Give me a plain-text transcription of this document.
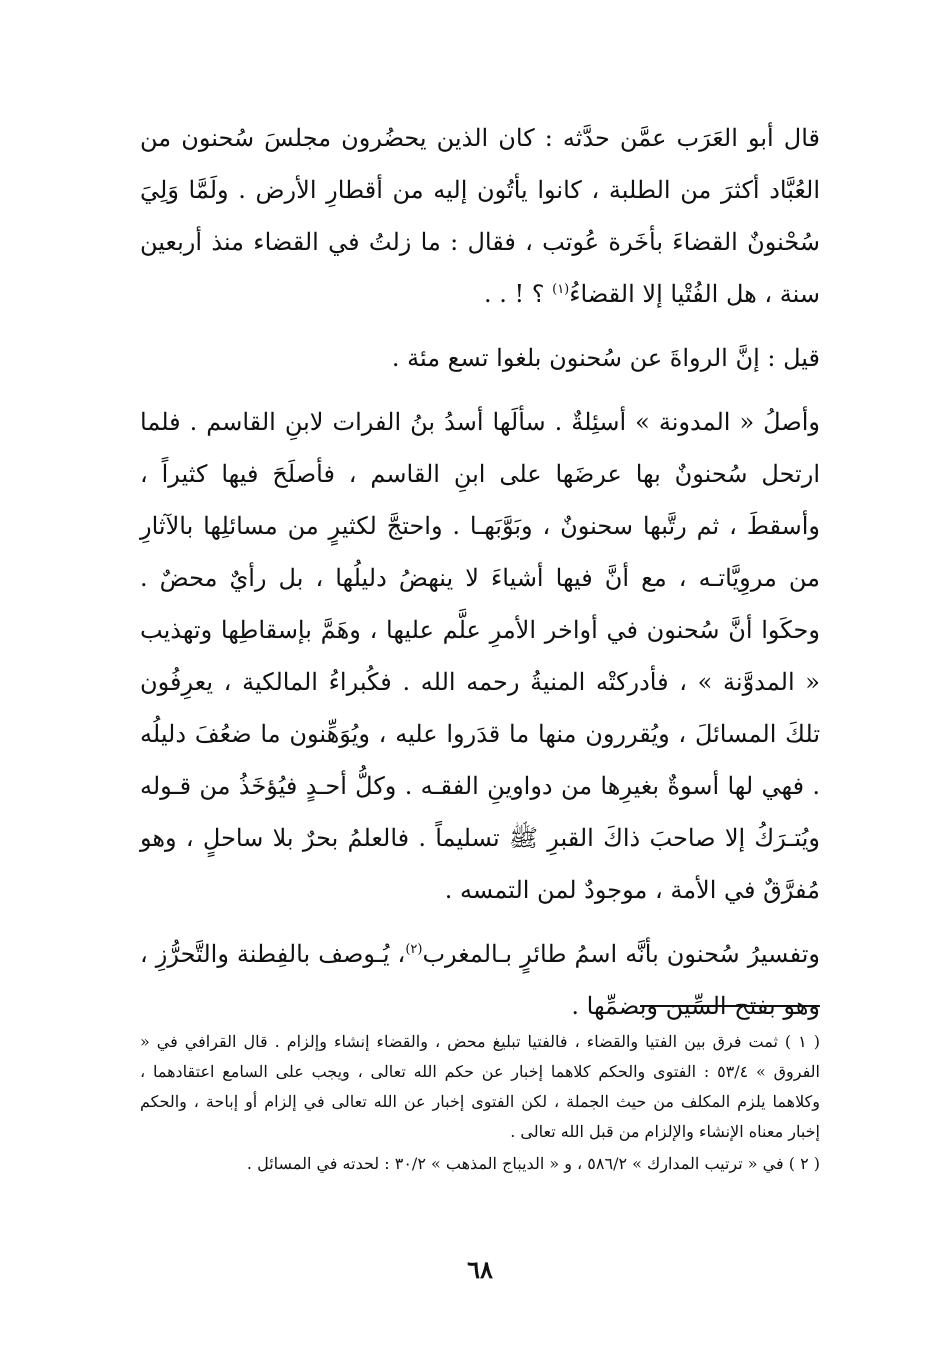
قال أبو العَرَب عمَّن حدَّثه : كان الذين يحضُرون مجلسَ سُحنون من العُبَّاد أكثرَ من الطلبة ، كانوا يأتُون إليه من أقطارِ الأرض . ولَمَّا وَلِيَ سُحْنونٌ القضاءَ بأخَرة عُوتب ، فقال : ما زلتُ في القضاء منذ أربعين سنة ، هل الفُتْيا إلا القضاءُ$^{(١)}$ ؟ ! . .

قيل : إنَّ الرواةَ عن سُحنون بلغوا تسع مئة .

وأصلُ « المدونة » أسئِلةٌ . سألَها أسدُ بنُ الفرات لابنِ القاسم . فلما ارتحل سُحنونٌ بها عرضَها على ابنِ القاسم ، فأصلَحَ فيها كثيراً ، وأسقطَ ، ثم رتَّبها سحنونٌ ، وبَوَّبَهـا . واحتجَّ لكثيرٍ من مسائلِها بالآثارِ من مروِيَّاتـه ، مع أنَّ فيها أشياءَ لا ينهضُ دليلُها ، بل رأيٌ محضٌ . وحكَوا أنَّ سُحنون في أواخر الأمرِ علَّم عليها ، وهَمَّ بإسقاطِها وتهذيب « المدوَّنة » ، فأدركتْه المنيةُ رحمه الله . فكُبراءُ المالكية ، يعرِفُون تلكَ المسائلَ ، ويُقررون منها ما قدَروا عليه ، ويُوَهِّنون ما ضعُفَ دليلُه . فهي لها أسوةٌ بغيرِها من دواوينِ الفقـه . وكلُّ أحـدٍ فيُؤخَذُ من قـوله ويُتـرَكُ إلا صاحبَ ذاكَ القبرِ ﷺ تسليماً . فالعلمُ بحرٌ بلا ساحلٍ ، وهو مُفرَّقٌ في الأمة ، موجودٌ لمن التمسه .

وتفسيرُ سُحنون بأنَّه اسمُ طائرٍ بـالمغرب$^{(٢)}$، يُـوصف بالفِطنة والتَّحرُّزِ ، وهو بفتح السِّين وبضمِّها .

( ١ ) ثمت فرق بين الفتيا والقضاء ، فالفتيا تبليغ محض ، والقضاء إنشاء وإلزام . قال القرافي في « الفروق » ٥٣/٤ : الفتوى والحكم كلاهما إخبار عن حكم الله تعالى ، ويجب على السامع اعتقادهما ، وكلاهما يلزم المكلف من حيث الجملة ، لكن الفتوى إخبار عن الله تعالى في إلزام أو إباحة ، والحكم إخبار معناه الإنشاء والإلزام من قبل الله تعالى .

( ٢ ) في « ترتيب المدارك » ٥٨٦/٢ ، و « الديباج المذهب » ٣٠/٢ : لحدته في المسائل .

٦٨
